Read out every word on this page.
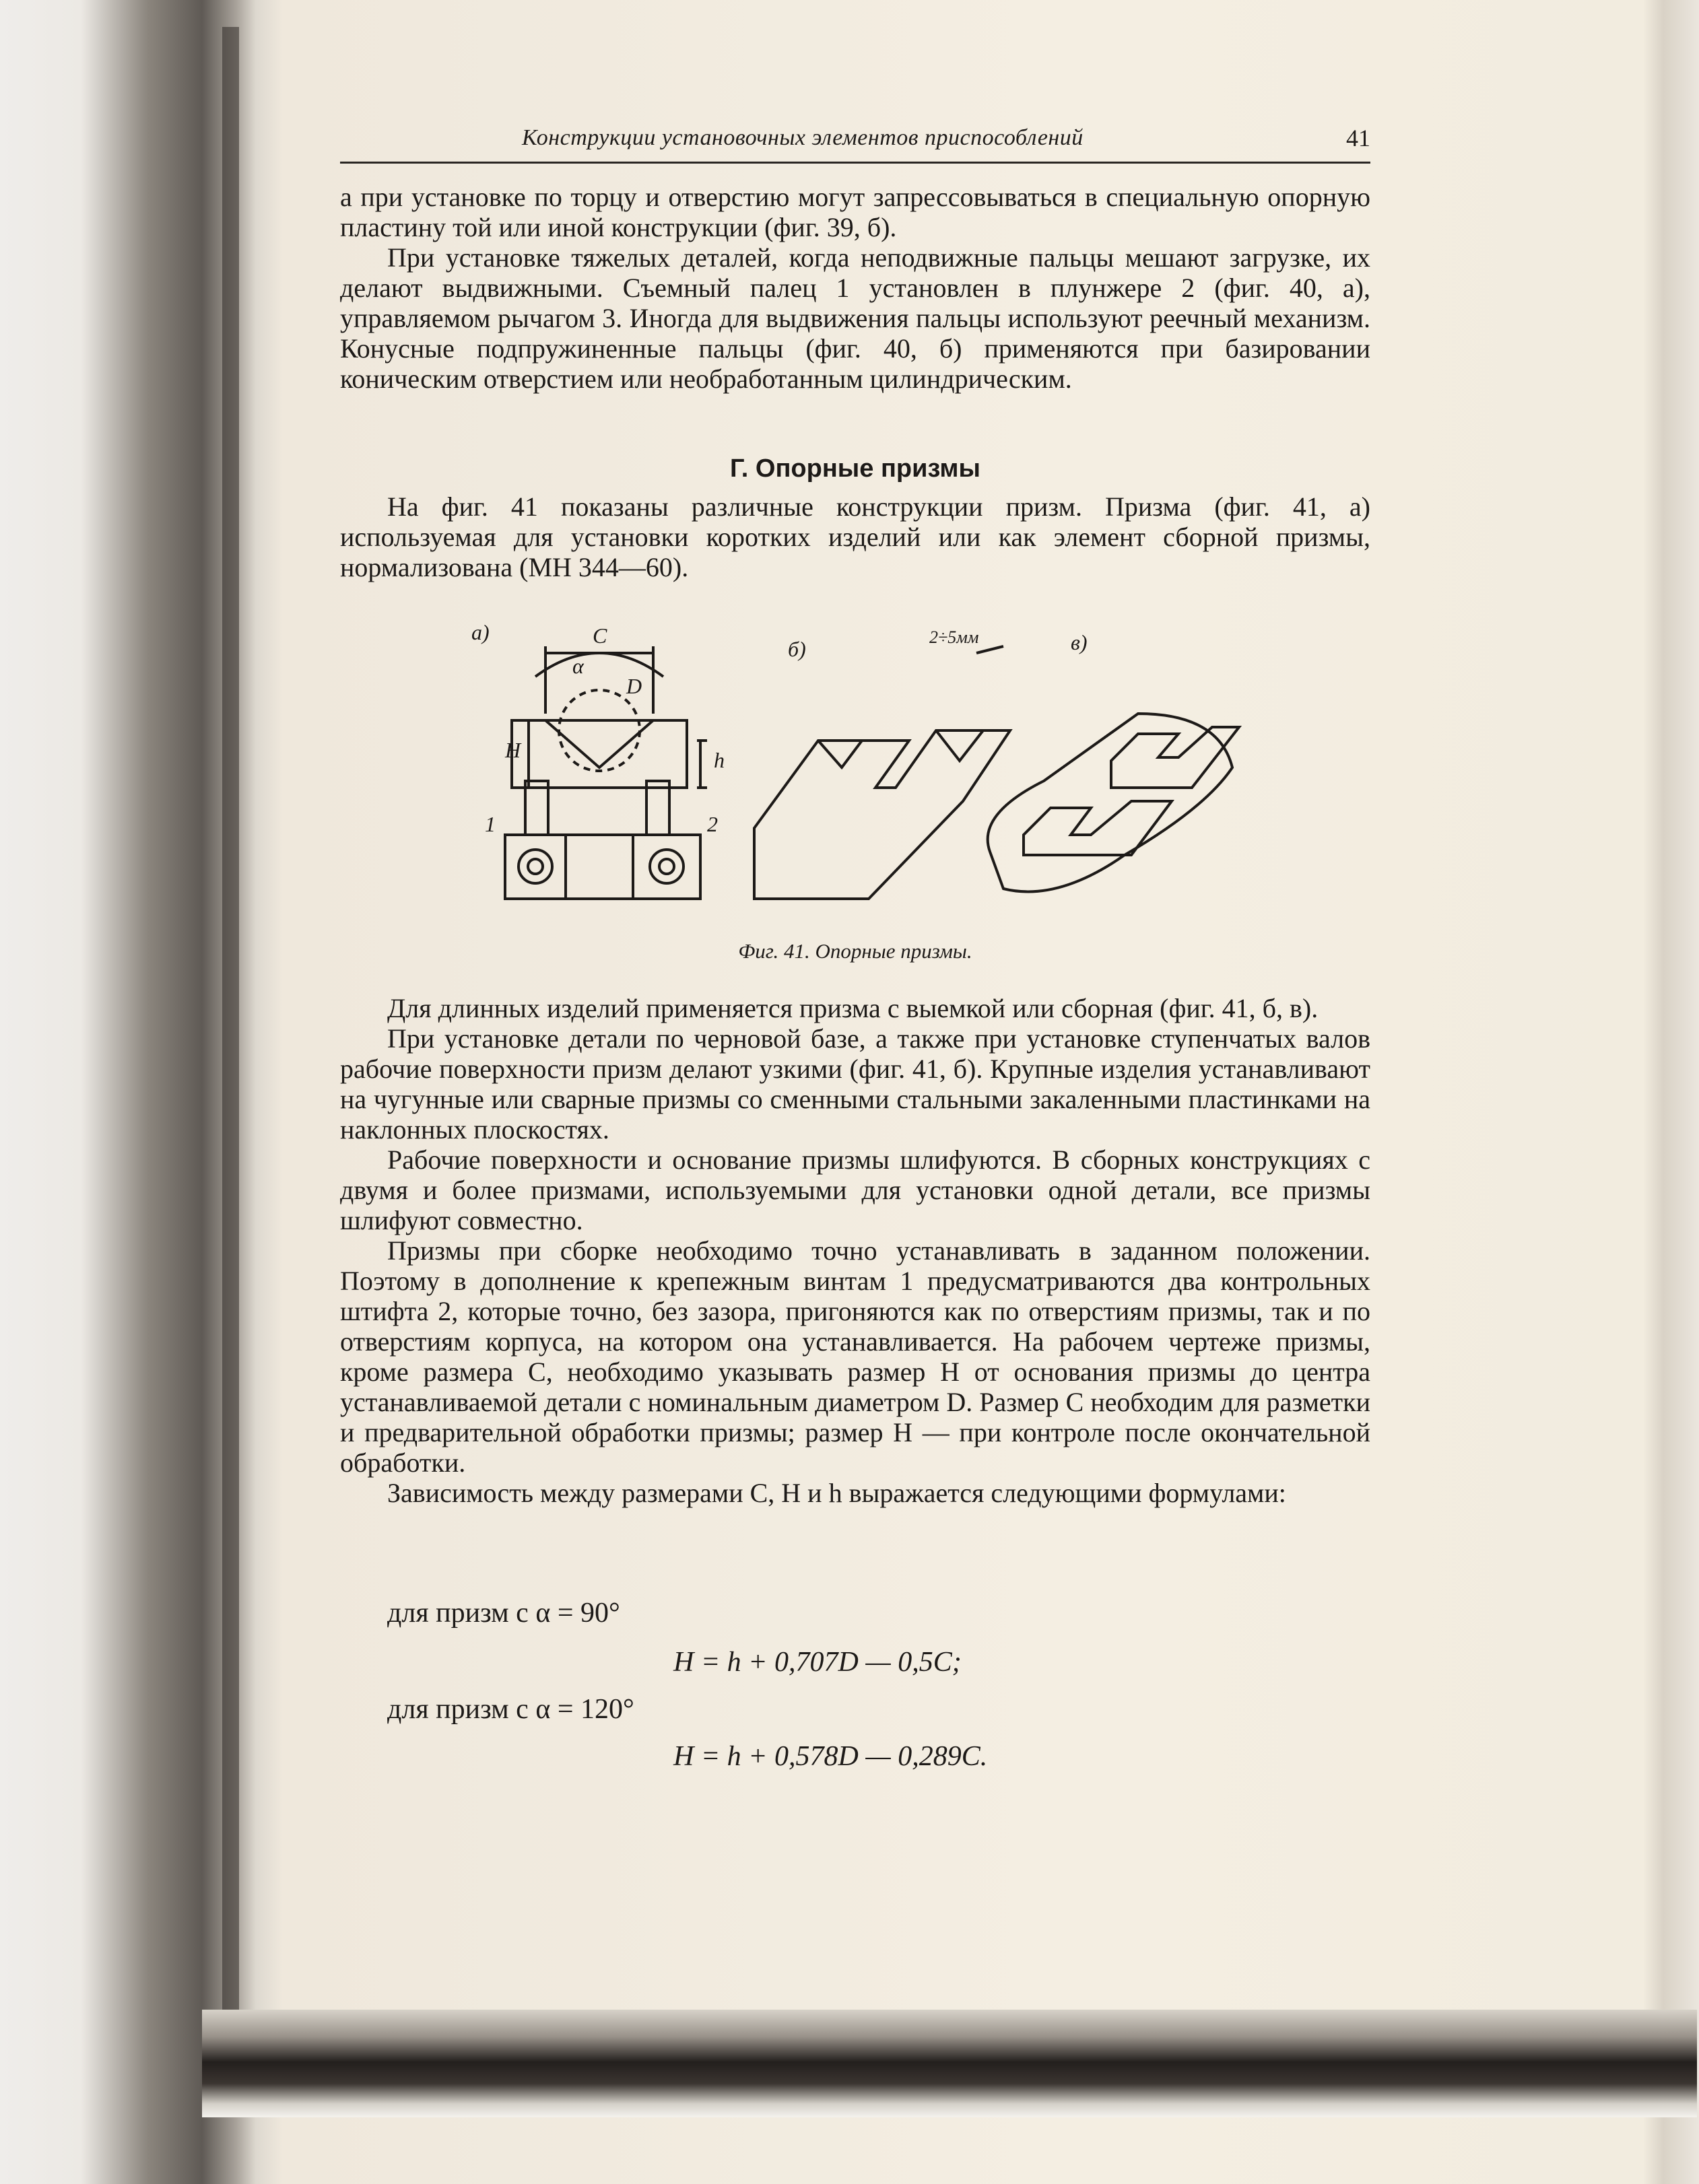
Конструкции установочных элементов приспособлений	41

а при установке по торцу и отверстию могут запрессовываться в специальную опорную пластину той или иной конструкции (фиг. 39, б).

При установке тяжелых деталей, когда неподвижные пальцы мешают загрузке, их делают выдвижными. Съемный палец 1 установлен в плунжере 2 (фиг. 40, а), управляемом рычагом 3. Иногда для выдвижения пальцы используют реечный механизм. Конусные подпружиненные пальцы (фиг. 40, б) применяются при базировании коническим отверстием или необработанным цилиндрическим.

Г. Опорные призмы

На фиг. 41 показаны различные конструкции призм. Призма (фиг. 41, а) используемая для установки коротких изделий или как элемент сборной призмы, нормализована (МН 344—60).

а)
б)	в)
C
α
D
H	h
2÷5мм
1	2
Фиг. 41. Опорные призмы.

Для длинных изделий применяется призма с выемкой или сборная (фиг. 41, б, в).

При установке детали по черновой базе, а также при установке ступенчатых валов рабочие поверхности призм делают узкими (фиг. 41, б). Крупные изделия устанавливают на чугунные или сварные призмы со сменными стальными закаленными пластинками на наклонных плоскостях.

Рабочие поверхности и основание призмы шлифуются. В сборных конструкциях с двумя и более призмами, используемыми для установки одной детали, все призмы шлифуют совместно.

Призмы при сборке необходимо точно устанавливать в заданном положении. Поэтому в дополнение к крепежным винтам 1 предусматриваются два контрольных штифта 2, которые точно, без зазора, пригоняются как по отверстиям призмы, так и по отверстиям корпуса, на котором она устанавливается. На рабочем чертеже призмы, кроме размера C, необходимо указывать размер H от основания призмы до центра устанавливаемой детали с номинальным диаметром D. Размер C необходим для разметки и предварительной обработки призмы; размер H — при контроле после окончательной обработки.

Зависимость между размерами C, H и h выражается следующими формулами:

для призм с α = 90°
H = h + 0,707D — 0,5C;
для призм с α = 120°
H = h + 0,578D — 0,289C.
